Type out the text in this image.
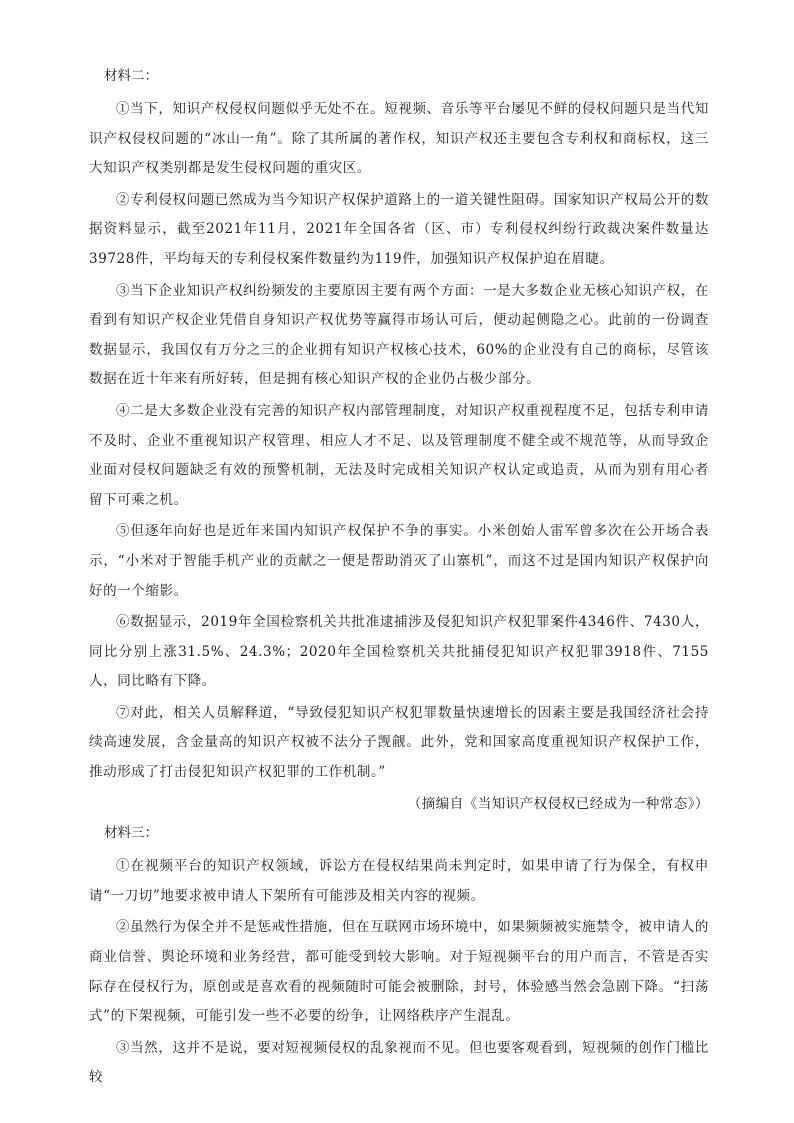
材料二：

①当下，知识产权侵权问题似乎无处不在。短视频、音乐等平台屡见不鲜的侵权问题只是当代知识产权侵权问题的“冰山一角”。除了其所属的著作权，知识产权还主要包含专利权和商标权，这三大知识产权类别都是发生侵权问题的重灾区。

②专利侵权问题已然成为当今知识产权保护道路上的一道关键性阻碍。国家知识产权局公开的数据资料显示，截至2021年11月，2021年全国各省（区、市）专利侵权纠纷行政裁决案件数量达39728件，平均每天的专利侵权案件数量约为119件，加强知识产权保护迫在眉睫。

③当下企业知识产权纠纷频发的主要原因主要有两个方面：一是大多数企业无核心知识产权，在看到有知识产权企业凭借自身知识产权优势等赢得市场认可后，便动起侧隐之心。此前的一份调查数据显示，我国仅有万分之三的企业拥有知识产权核心技术，60%的企业没有自己的商标，尽管该数据在近十年来有所好转，但是拥有核心知识产权的企业仍占极少部分。

④二是大多数企业没有完善的知识产权内部管理制度，对知识产权重视程度不足，包括专利申请不及时、企业不重视知识产权管理、相应人才不足、以及管理制度不健全或不规范等，从而导致企业面对侵权问题缺乏有效的预警机制，无法及时完成相关知识产权认定或追责，从而为别有用心者留下可乘之机。

⑤但逐年向好也是近年来国内知识产权保护不争的事实。小米创始人雷军曾多次在公开场合表示，“小米对于智能手机产业的贡献之一便是帮助消灭了山寨机”，而这不过是国内知识产权保护向好的一个缩影。

⑥数据显示，2019年全国检察机关共批准逮捕涉及侵犯知识产权犯罪案件4346件、7430人，同比分别上涨31.5%、24.3%；2020年全国检察机关共批捕侵犯知识产权犯罪3918件、7155人，同比略有下降。

⑦对此，相关人员解释道，“导致侵犯知识产权犯罪数量快速增长的因素主要是我国经济社会持续高速发展，含金量高的知识产权被不法分子觊觎。此外，党和国家高度重视知识产权保护工作，推动形成了打击侵犯知识产权犯罪的工作机制。”

（摘编自《当知识产权侵权已经成为一种常态》）

材料三：

①在视频平台的知识产权领域，诉讼方在侵权结果尚未判定时，如果申请了行为保全，有权申请“一刀切”地要求被申请人下架所有可能涉及相关内容的视频。

②虽然行为保全并不是惩戒性措施，但在互联网市场环境中，如果频频被实施禁令，被申请人的商业信誉、舆论环境和业务经营，都可能受到较大影响。对于短视频平台的用户而言，不管是否实际存在侵权行为，原创或是喜欢看的视频随时可能会被删除，封号，体验感当然会急剧下降。“扫荡式”的下架视频，可能引发一些不必要的纷争，让网络秩序产生混乱。

③当然，这并不是说，要对短视频侵权的乱象视而不见。但也要客观看到，短视频的创作门槛比较
